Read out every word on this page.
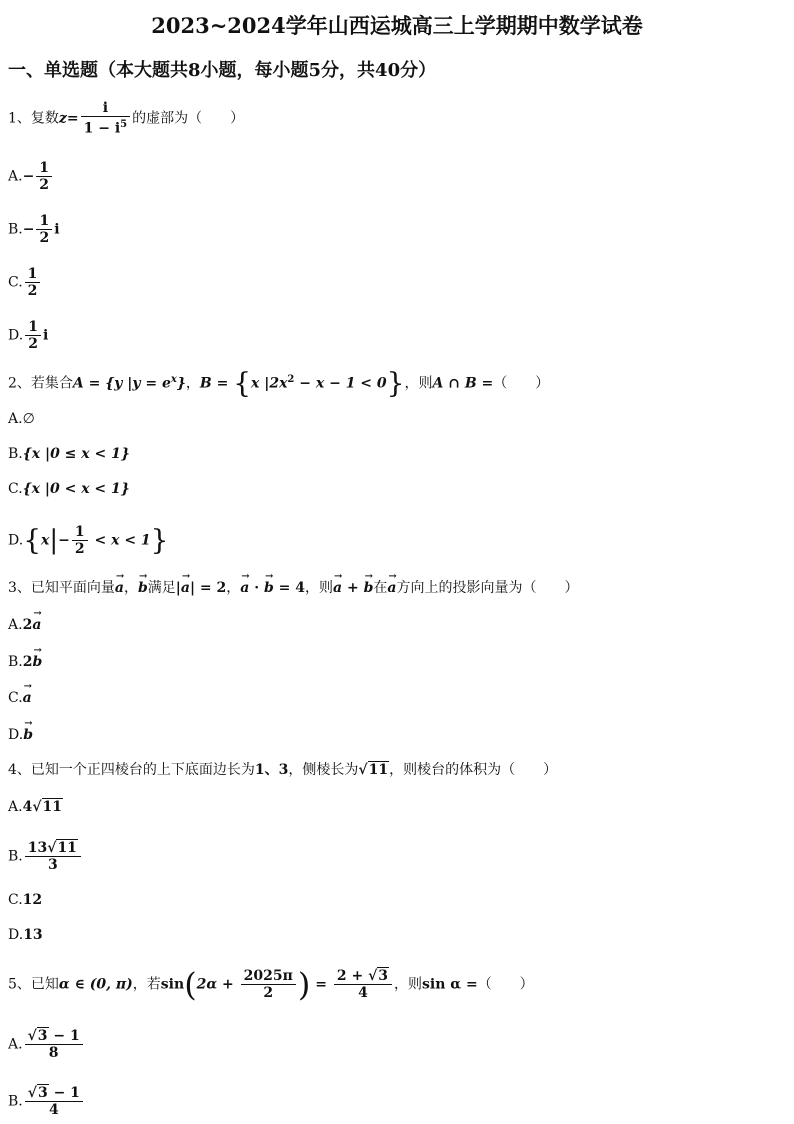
2023~2024学年山西运城高三上学期期中数学试卷
一、单选题（本大题共8小题，每小题5分，共40分）
1、复数$z= \frac{i}{1 - i^5}$ 的虚部为（　　）
$A.- \frac{1}{2}$
$B.- \frac{1}{2}$ i
C. $\frac{1}{2}$
D. $\frac{1}{2}$ i
2、若集合A = {y $|y = e^x$}，B = {x $|2x^2 - x - 1 < 0$}，则A ∩ B =（　　）
A.∅
B.{x |0 ≤ x < 1}
C.{x |0 < x < 1}
$D.\{x|- \frac{1}{2} < x < 1\}$
3、已知平面向量→ a，→ b满足|→ a| = 2，→ a · → b = 4，则→ a + → b在→ a方向上的投影向量为（　　）
A.2→ a
B.2→ b
C.→ a
D.→ b
4、已知一个正四棱台的上下底面边长为1、3，侧棱长为√11，则棱台的体积为（　　）
A.4√11
B. $\frac{13√11}{3}$
C.12
D.13
5、已知α ∈ (0, π)，若$\sin(2\alpha + \frac{2025\pi}{2}$ ) = $\frac{2 + √3}{4}$ ，则sin α =（　　）
A. $\frac{√3 - 1}{8}$
B. $\frac{√3 - 1}{4}$
